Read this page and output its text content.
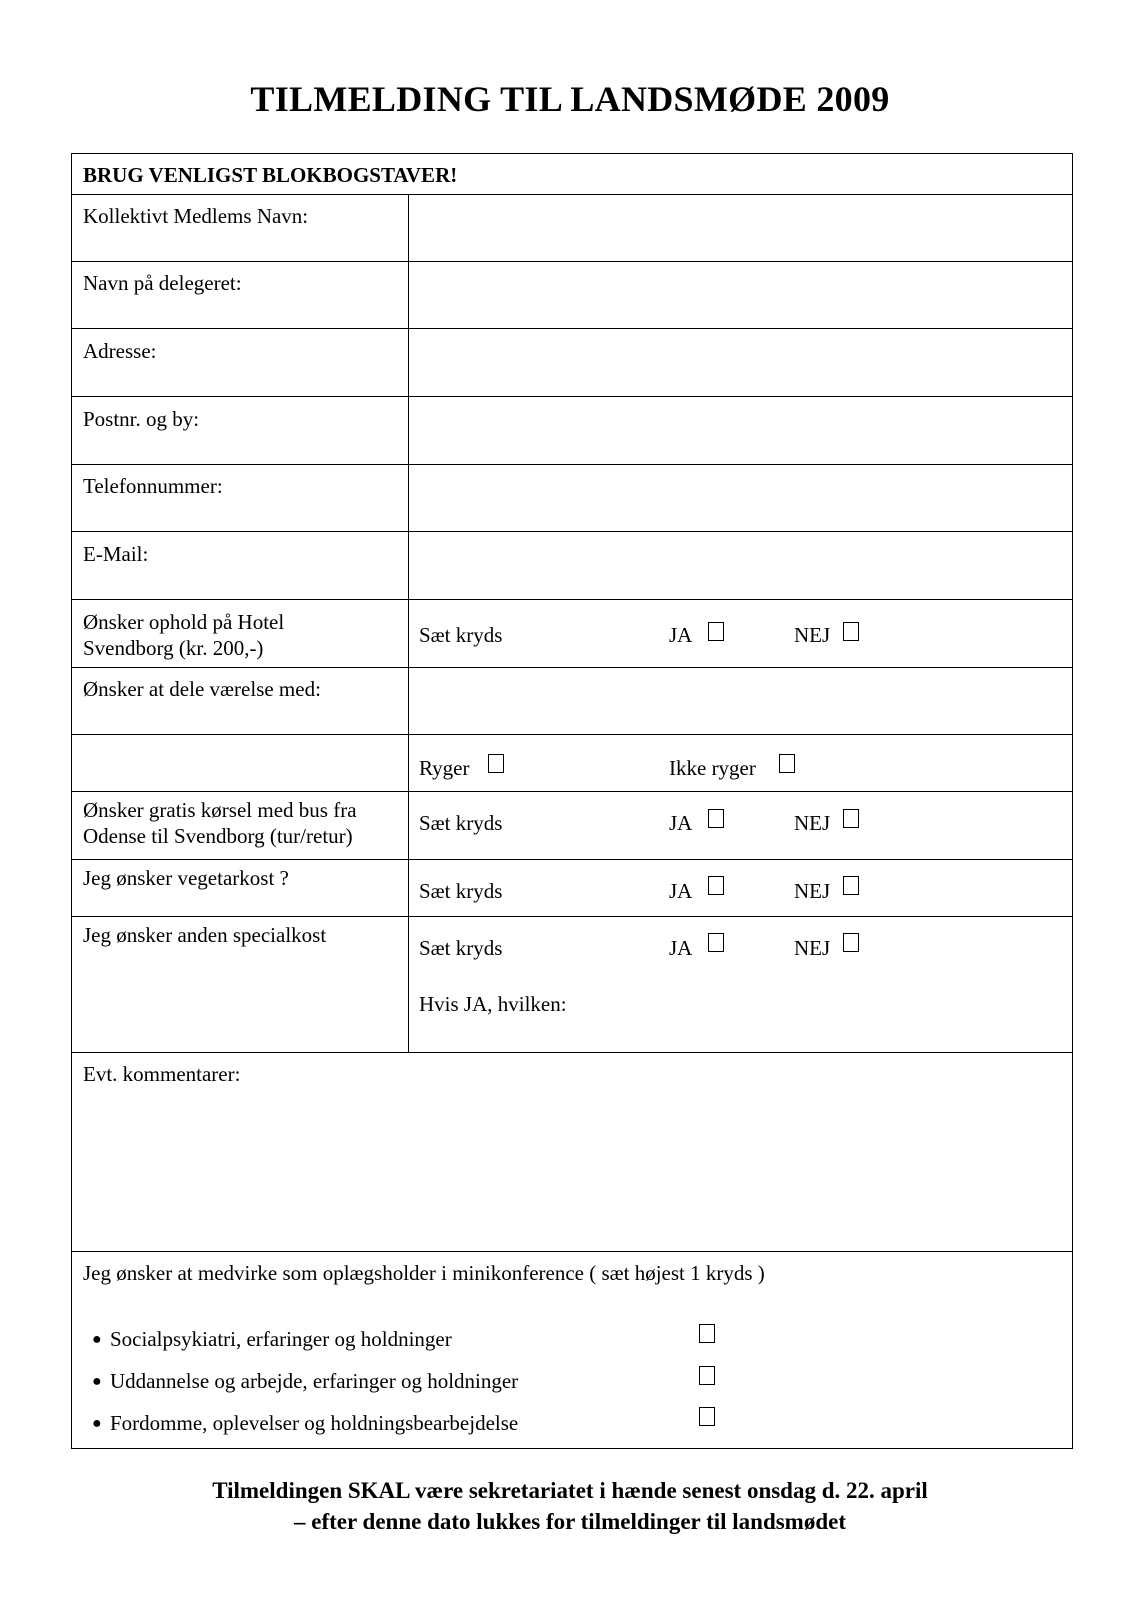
TILMELDING TIL LANDSMØDE 2009
BRUG VENLIGST BLOKBOGSTAVER!
Kollektivt Medlems Navn:
Navn på delegeret:
Adresse:
Postnr. og by:
Telefonnummer:
E-Mail:
Ønsker ophold på Hotel
Svendborg (kr. 200,-)
Sæt kryds	JA	NEJ
Ønsker at dele værelse med:
Ryger	Ikke ryger
Ønsker gratis kørsel med bus fra
Odense til Svendborg (tur/retur)
Sæt kryds	JA	NEJ
Jeg ønsker vegetarkost ?
Sæt kryds	JA	NEJ
Jeg ønsker anden specialkost
Sæt kryds	JA	NEJ
Hvis JA, hvilken:
Evt. kommentarer:
Jeg ønsker at medvirke som oplægsholder i minikonference ( sæt højest 1 kryds )
● Socialpsykiatri, erfaringer og holdninger
● Uddannelse og arbejde, erfaringer og holdninger
● Fordomme, oplevelser og holdningsbearbejdelse
Tilmeldingen SKAL være sekretariatet i hænde senest onsdag d. 22. april
– efter denne dato lukkes for tilmeldinger til landsmødet
